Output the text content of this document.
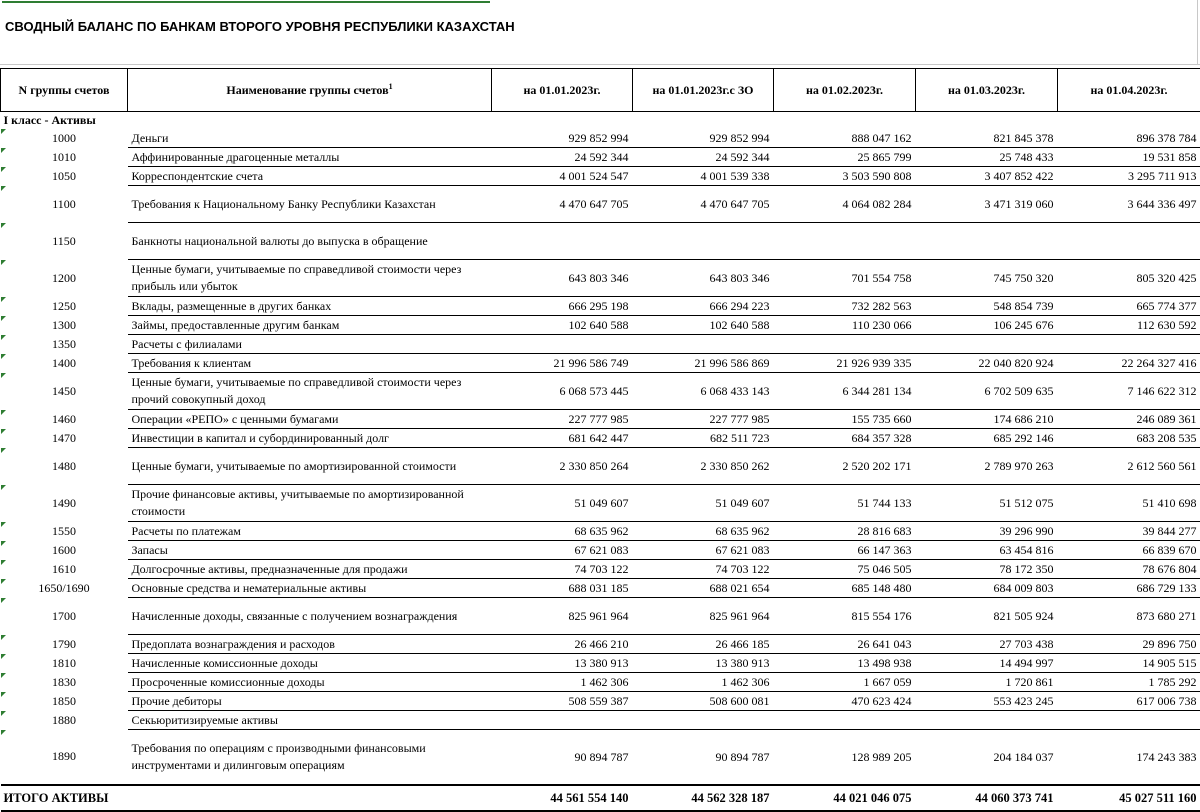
СВОДНЫЙ БАЛАНС ПО БАНКАМ ВТОРОГО УРОВНЯ РЕСПУБЛИКИ КАЗАХСТАН
N группы счетов	Наименование группы счетов$^1$	на 01.01.2023г.	на 01.01.2023г.с ЗО	на 01.02.2023г.	на 01.03.2023г.	на 01.04.2023г.
I класс - Активы						
1000	Деньги	929 852 994	929 852 994	888 047 162	821 845 378	896 378 784
1010	Аффинированные драгоценные металлы	24 592 344	24 592 344	25 865 799	25 748 433	19 531 858
1050	Корреспондентские счета	4 001 524 547	4 001 539 338	3 503 590 808	3 407 852 422	3 295 711 913
1100	Требования к Национальному Банку Республики Казахстан	4 470 647 705	4 470 647 705	4 064 082 284	3 471 319 060	3 644 336 497
1150	Банкноты национальной валюты до выпуска в обращение					
1200	Ценные бумаги, учитываемые по справедливой стоимости через прибыль или убыток	643 803 346	643 803 346	701 554 758	745 750 320	805 320 425
1250	Вклады, размещенные в других банках	666 295 198	666 294 223	732 282 563	548 854 739	665 774 377
1300	Займы, предоставленные другим банкам	102 640 588	102 640 588	110 230 066	106 245 676	112 630 592
1350	Расчеты с филиалами					
1400	Требования к клиентам	21 996 586 749	21 996 586 869	21 926 939 335	22 040 820 924	22 264 327 416
1450	Ценные бумаги, учитываемые по справедливой стоимости через прочий совокупный доход	6 068 573 445	6 068 433 143	6 344 281 134	6 702 509 635	7 146 622 312
1460	Операции «РЕПО» с ценными бумагами	227 777 985	227 777 985	155 735 660	174 686 210	246 089 361
1470	Инвестиции в капитал и субординированный долг	681 642 447	682 511 723	684 357 328	685 292 146	683 208 535
1480	Ценные бумаги, учитываемые по амортизированной стоимости	2 330 850 264	2 330 850 262	2 520 202 171	2 789 970 263	2 612 560 561
1490	Прочие финансовые активы, учитываемые по амортизированной стоимости	51 049 607	51 049 607	51 744 133	51 512 075	51 410 698
1550	Расчеты по платежам	68 635 962	68 635 962	28 816 683	39 296 990	39 844 277
1600	Запасы	67 621 083	67 621 083	66 147 363	63 454 816	66 839 670
1610	Долгосрочные активы, предназначенные для продажи	74 703 122	74 703 122	75 046 505	78 172 350	78 676 804
1650/1690	Основные средства и нематериальные активы	688 031 185	688 021 654	685 148 480	684 009 803	686 729 133
1700	Начисленные доходы, связанные с получением вознаграждения	825 961 964	825 961 964	815 554 176	821 505 924	873 680 271
1790	Предоплата вознаграждения и расходов	26 466 210	26 466 185	26 641 043	27 703 438	29 896 750
1810	Начисленные комиссионные доходы	13 380 913	13 380 913	13 498 938	14 494 997	14 905 515
1830	Просроченные комиссионные доходы	1 462 306	1 462 306	1 667 059	1 720 861	1 785 292
1850	Прочие дебиторы	508 559 387	508 600 081	470 623 424	553 423 245	617 006 738
1880	Секьюритизируемые активы					
1890	Требования по операциям с производными финансовыми инструментами и дилинговым операциям	90 894 787	90 894 787	128 989 205	204 184 037	174 243 383
ИТОГО АКТИВЫ		44 561 554 140	44 562 328 187	44 021 046 075	44 060 373 741	45 027 511 160
